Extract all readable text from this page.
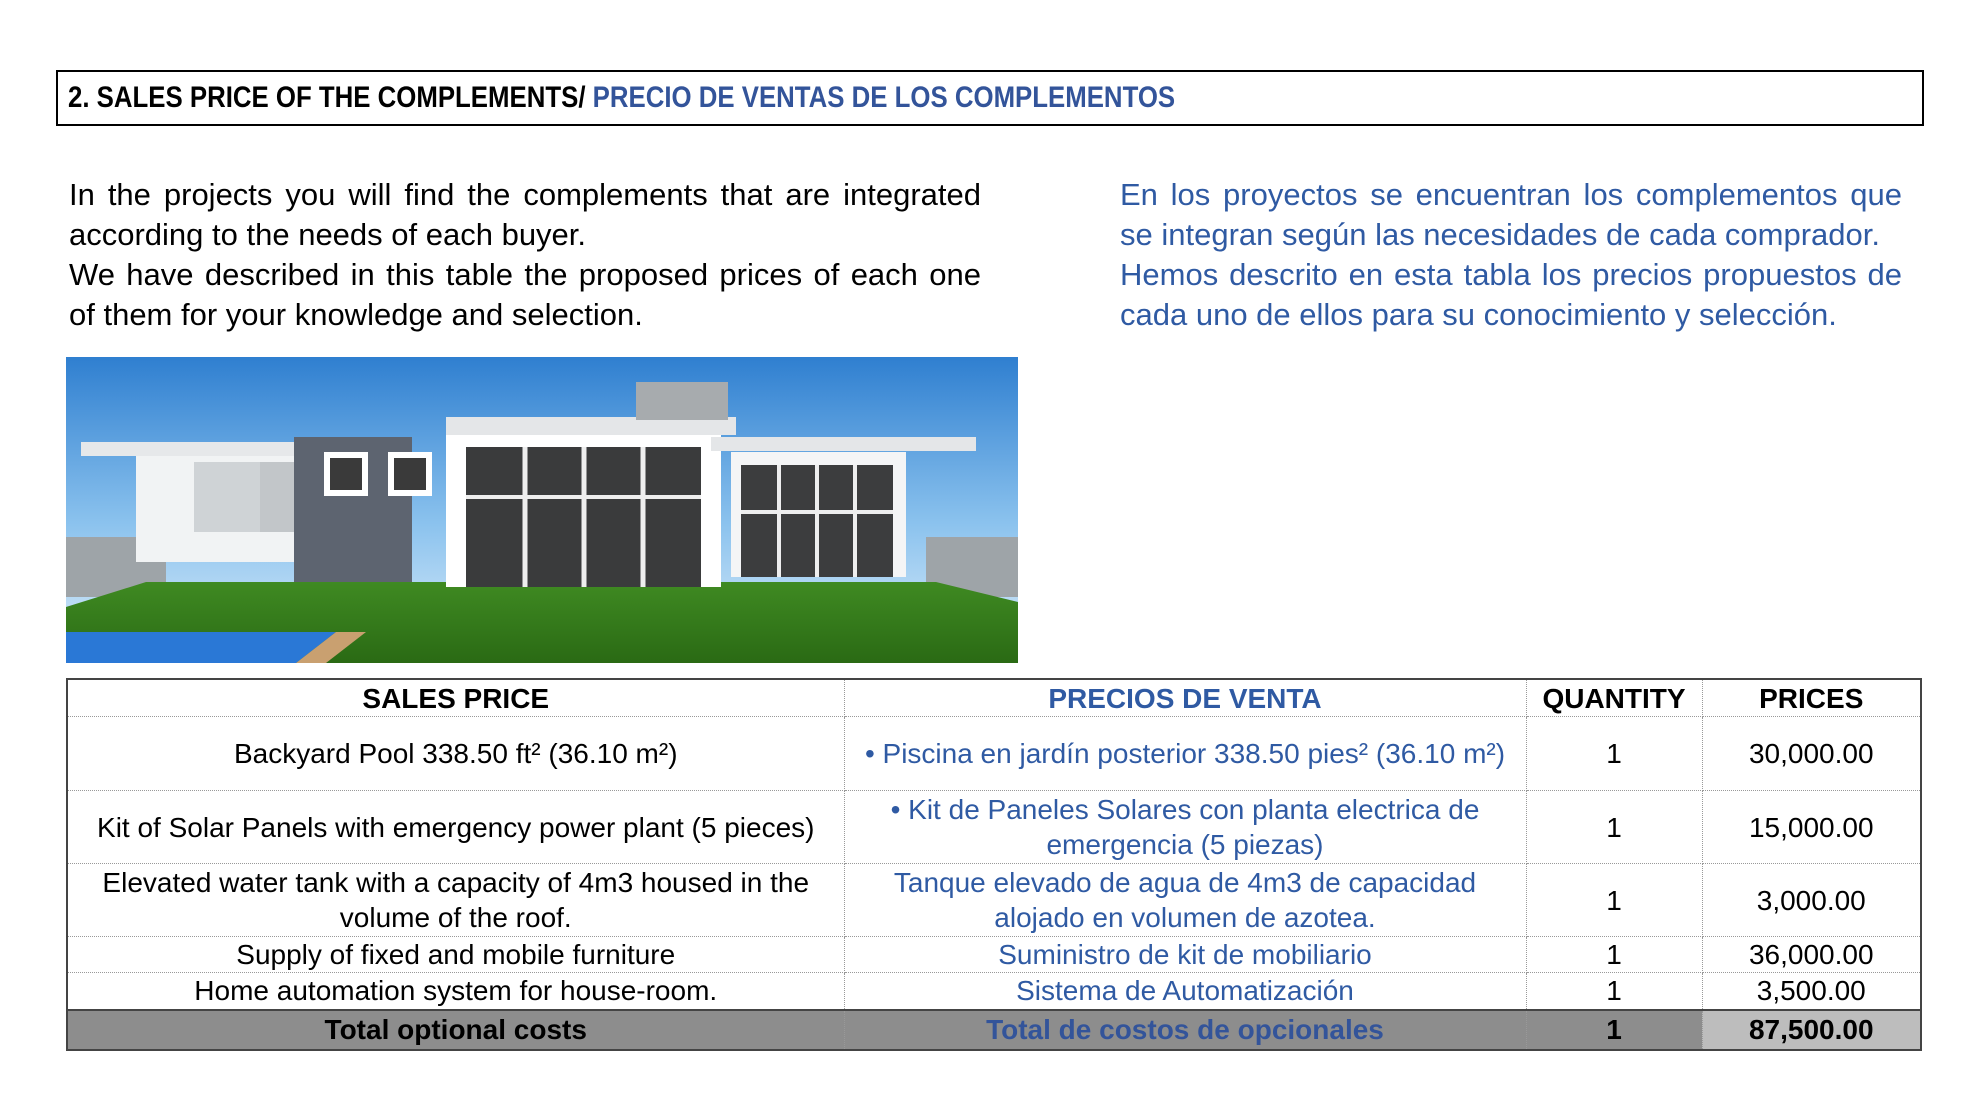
2. SALES PRICE OF THE COMPLEMENTS/ PRECIO DE VENTAS DE LOS COMPLEMENTOS

In the projects you will find the complements that are integrated according to the needs of each buyer.

We have described in this table the proposed prices of each one of them for your knowledge and selection.

En los proyectos se encuentran los complementos que se integran según las necesidades de cada comprador.

Hemos descrito en esta tabla los precios propuestos de cada uno de ellos para su conocimiento y selección.

SALES PRICE	PRECIOS DE VENTA	QUANTITY	PRICES
Backyard Pool 338.50 ft² (36.10 m²)	• Piscina en jardín posterior 338.50 pies² (36.10 m²)	1	30,000.00
Kit of Solar Panels with emergency power plant (5 pieces)	• Kit de Paneles Solares con planta electrica de emergencia (5 piezas)	1	15,000.00
Elevated water tank with a capacity of 4m3 housed in the volume of the roof.	Tanque elevado de agua de 4m3 de capacidad alojado en volumen de azotea.	1	3,000.00
Supply of fixed and mobile furniture	Suministro de kit de mobiliario	1	36,000.00
Home automation system for house-room.	Sistema de Automatización	1	3,500.00
Total optional costs	Total de costos de opcionales	1	87,500.00
